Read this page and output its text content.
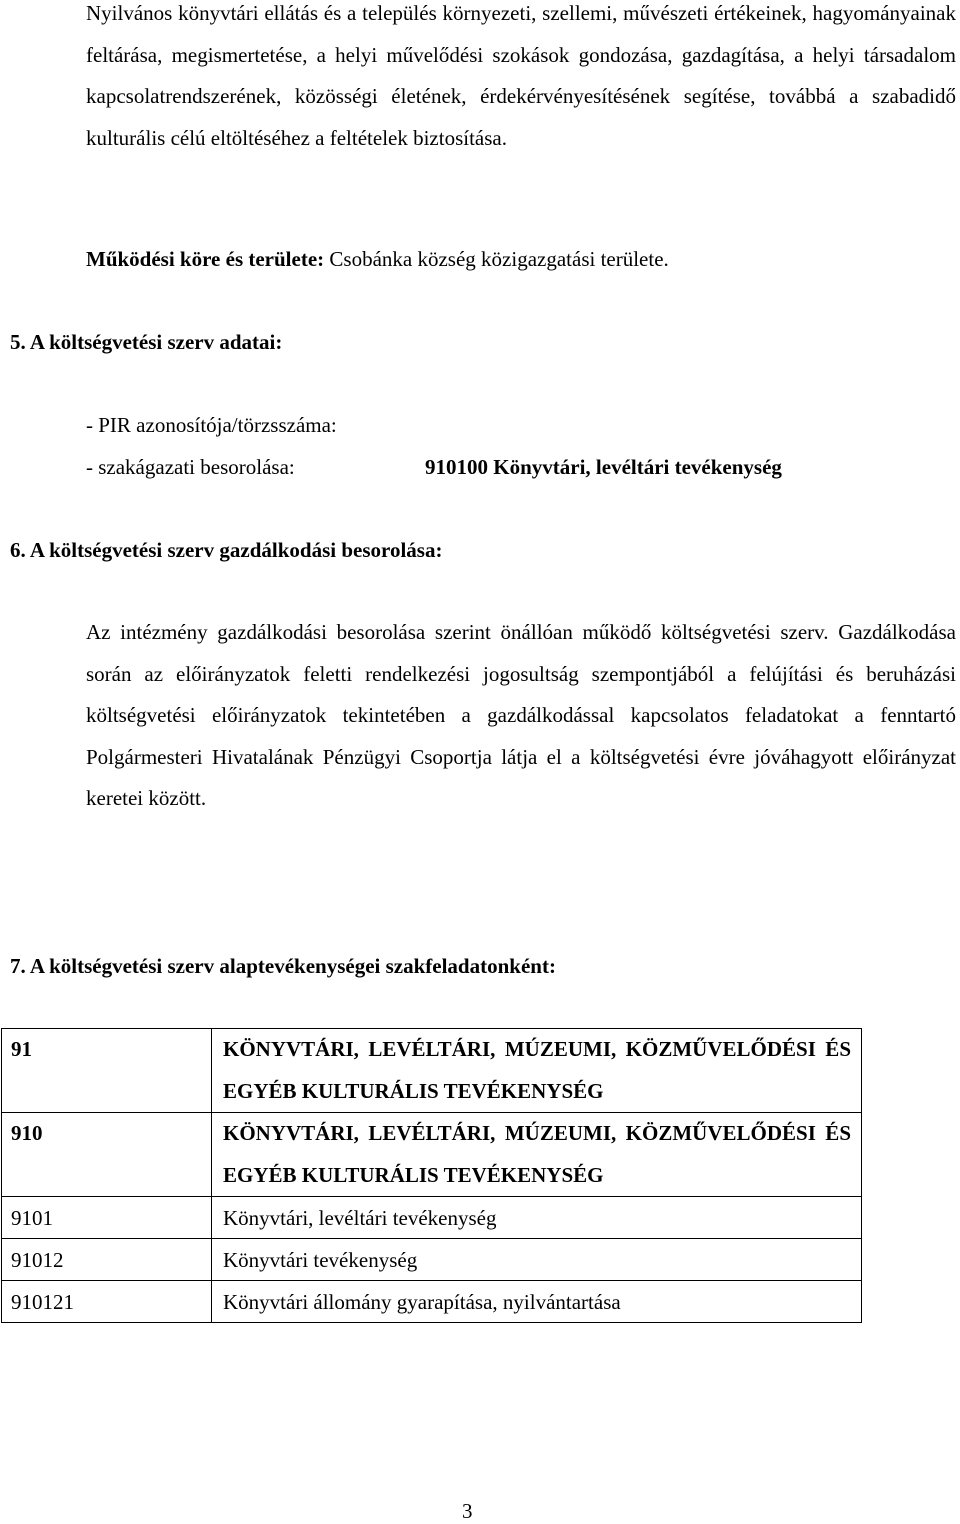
Nyilvános könyvtári ellátás és a település környezeti, szellemi, művészeti értékeinek, hagyományainak feltárása, megismertetése, a helyi művelődési szokások gondozása, gazdagítása, a helyi társadalom kapcsolatrendszerének, közösségi életének, érdekérvényesítésének segítése, továbbá a szabadidő kulturális célú eltöltéséhez a feltételek biztosítása.

Működési köre és területe: Csobánka község közigazgatási területe.

5. A költségvetési szerv adatai:

- PIR azonosítója/törzsszáma:
- szakágazati besorolása:	910100 Könyvtári, levéltári tevékenység

6. A költségvetési szerv gazdálkodási besorolása:

Az intézmény gazdálkodási besorolása szerint önállóan működő költségvetési szerv. Gazdálkodása során az előirányzatok feletti rendelkezési jogosultság szempontjából a felújítási és beruházási költségvetési előirányzatok tekintetében a gazdálkodással kapcsolatos feladatokat a fenntartó Polgármesteri Hivatalának Pénzügyi Csoportja látja el a költségvetési évre jóváhagyott előirányzat keretei között.

7. A költségvetési szerv alaptevékenységei szakfeladatonként:

91	KÖNYVTÁRI, LEVÉLTÁRI, MÚZEUMI, KÖZMŰVELŐDÉSI ÉS EGYÉB KULTURÁLIS TEVÉKENYSÉG

910	KÖNYVTÁRI, LEVÉLTÁRI, MÚZEUMI, KÖZMŰVELŐDÉSI ÉS EGYÉB KULTURÁLIS TEVÉKENYSÉG

9101	Könyvtári, levéltári tevékenység

91012	Könyvtári tevékenység

910121	Könyvtári állomány gyarapítása, nyilvántartása
3
